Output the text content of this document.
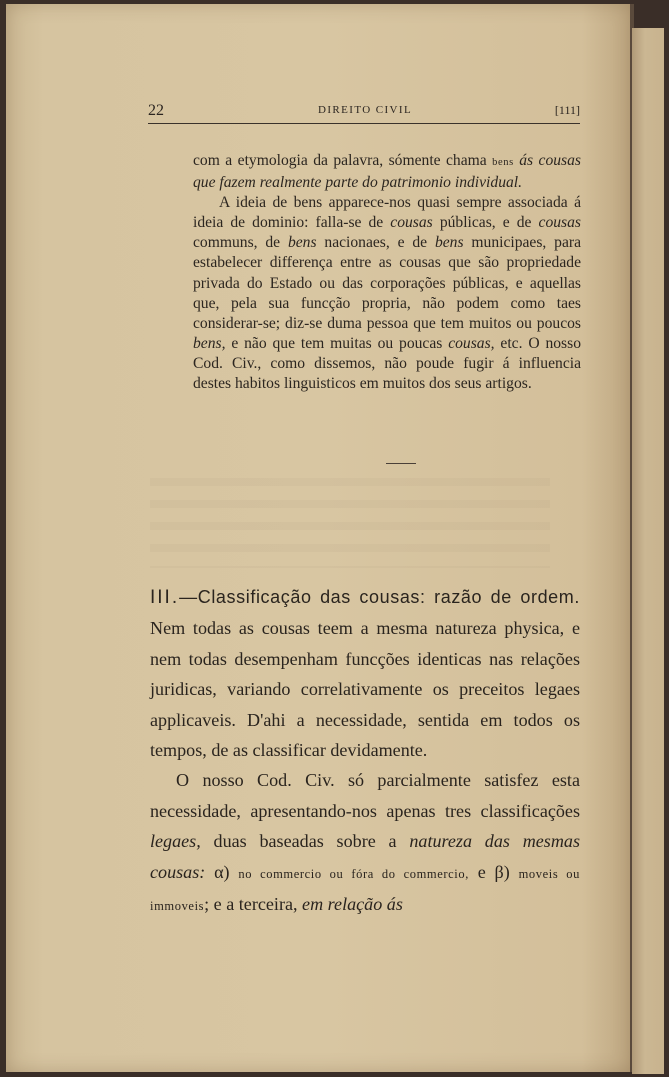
22	DIREITO CIVIL	[111]

com a etymologia da palavra, sómente chama bens ás cousas que fazem realmente parte do patrimonio individual.

A ideia de bens apparece-nos quasi sempre associada á ideia de dominio: falla-se de cousas públicas, e de cousas communs, de bens nacionaes, e de bens municipaes, para estabelecer differença entre as cousas que são propriedade privada do Estado ou das corporações públicas, e aquellas que, pela sua funcção propria, não podem como taes considerar-se; diz-se duma pessoa que tem muitos ou poucos bens, e não que tem muitas ou poucas cousas, etc. O nosso Cod. Civ., como dissemos, não poude fugir á influencia destes habitos linguisticos em muitos dos seus artigos.

III.—Classificação das cousas: razão de ordem. Nem todas as cousas teem a mesma natureza physica, e nem todas desempenham funcções identicas nas relações juridicas, variando correlativamente os preceitos legaes applicaveis. D'ahi a necessidade, sentida em todos os tempos, de as classificar devidamente.

O nosso Cod. Civ. só parcialmente satisfez esta necessidade, apresentando-nos apenas tres classificações legaes, duas baseadas sobre a natureza das mesmas cousas: α) no commercio ou fóra do commercio, e β) moveis ou immoveis; e a terceira, em relação ás
